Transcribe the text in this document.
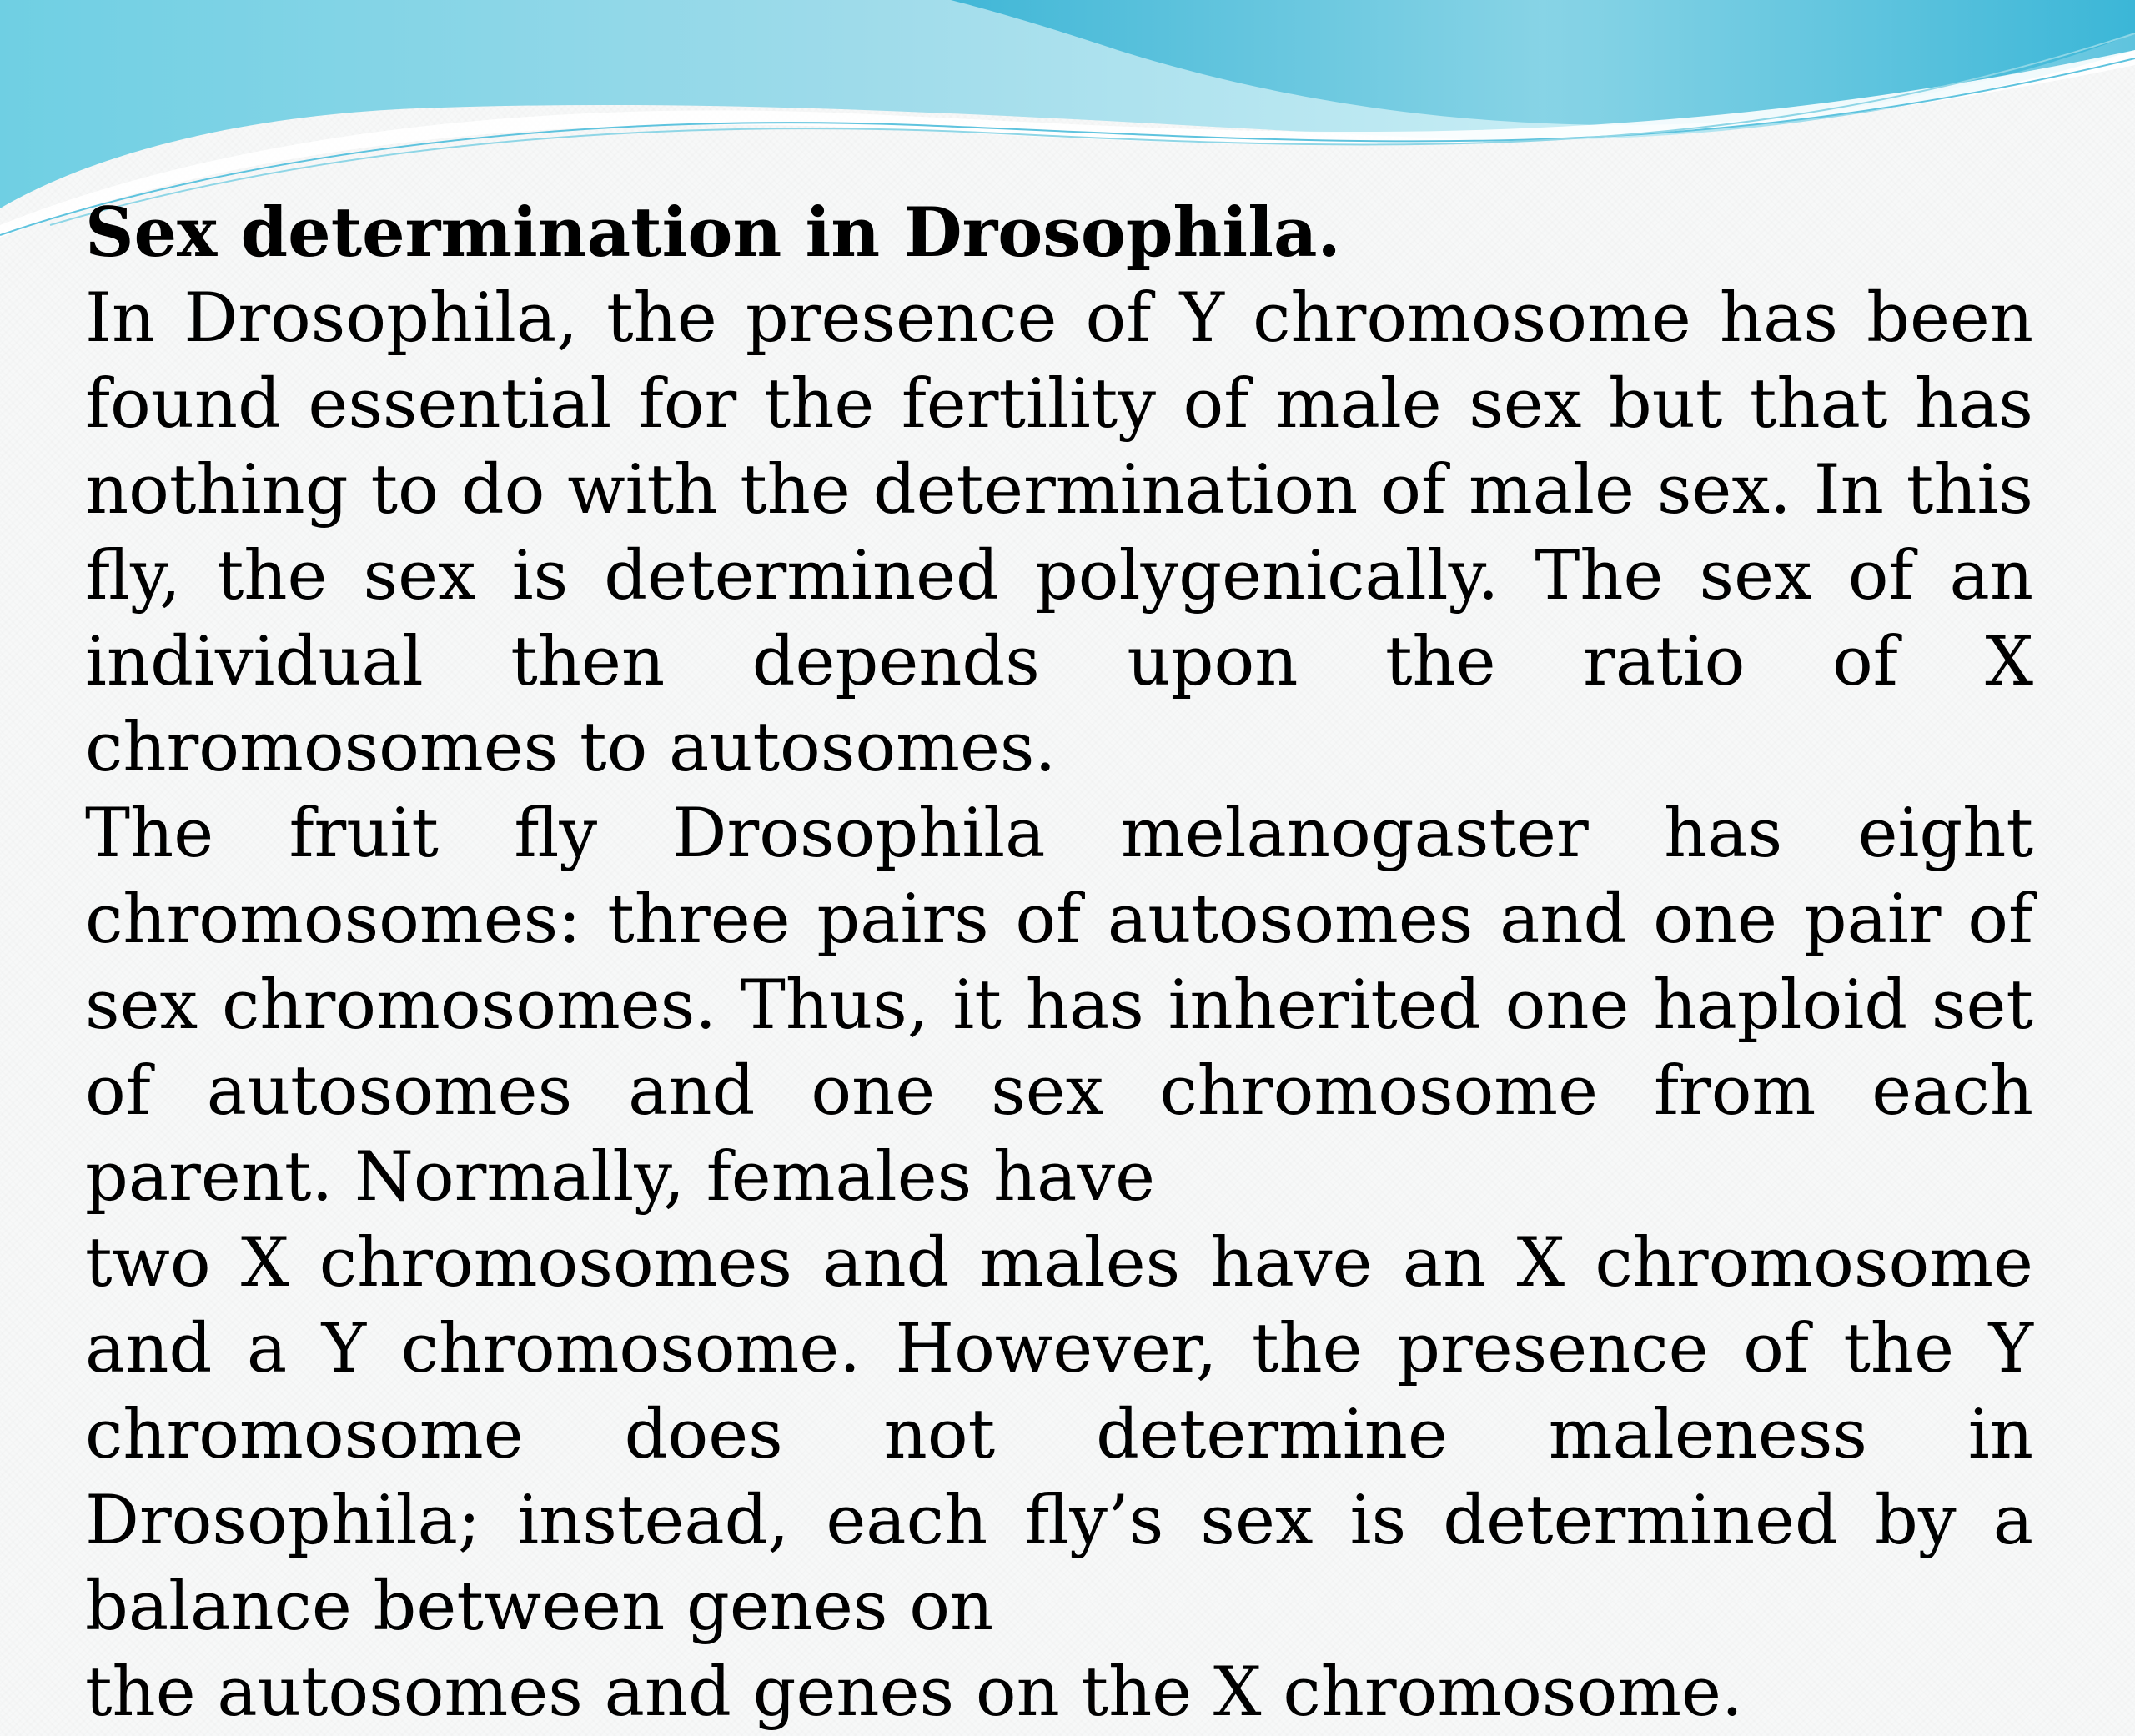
Sex determination in Drosophila.

In Drosophila, the presence of Y chromosome has been found essential for the fertility of male sex but that has nothing to do with the determination of male sex. In this fly, the sex is determined polygenically. The sex of an individual then depends upon the ratio of X chromosomes to autosomes.

The fruit fly Drosophila melanogaster has eight chromosomes: three pairs of autosomes and one pair of sex chromosomes. Thus, it has inherited one haploid set of autosomes and one sex chromosome from each parent. Normally, females have

two X chromosomes and males have an X chromosome and a Y chromosome. However, the presence of the Y chromosome does not determine maleness in Drosophila; instead, each fly’s sex is determined by a balance between genes on

the autosomes and genes on the X chromosome.
